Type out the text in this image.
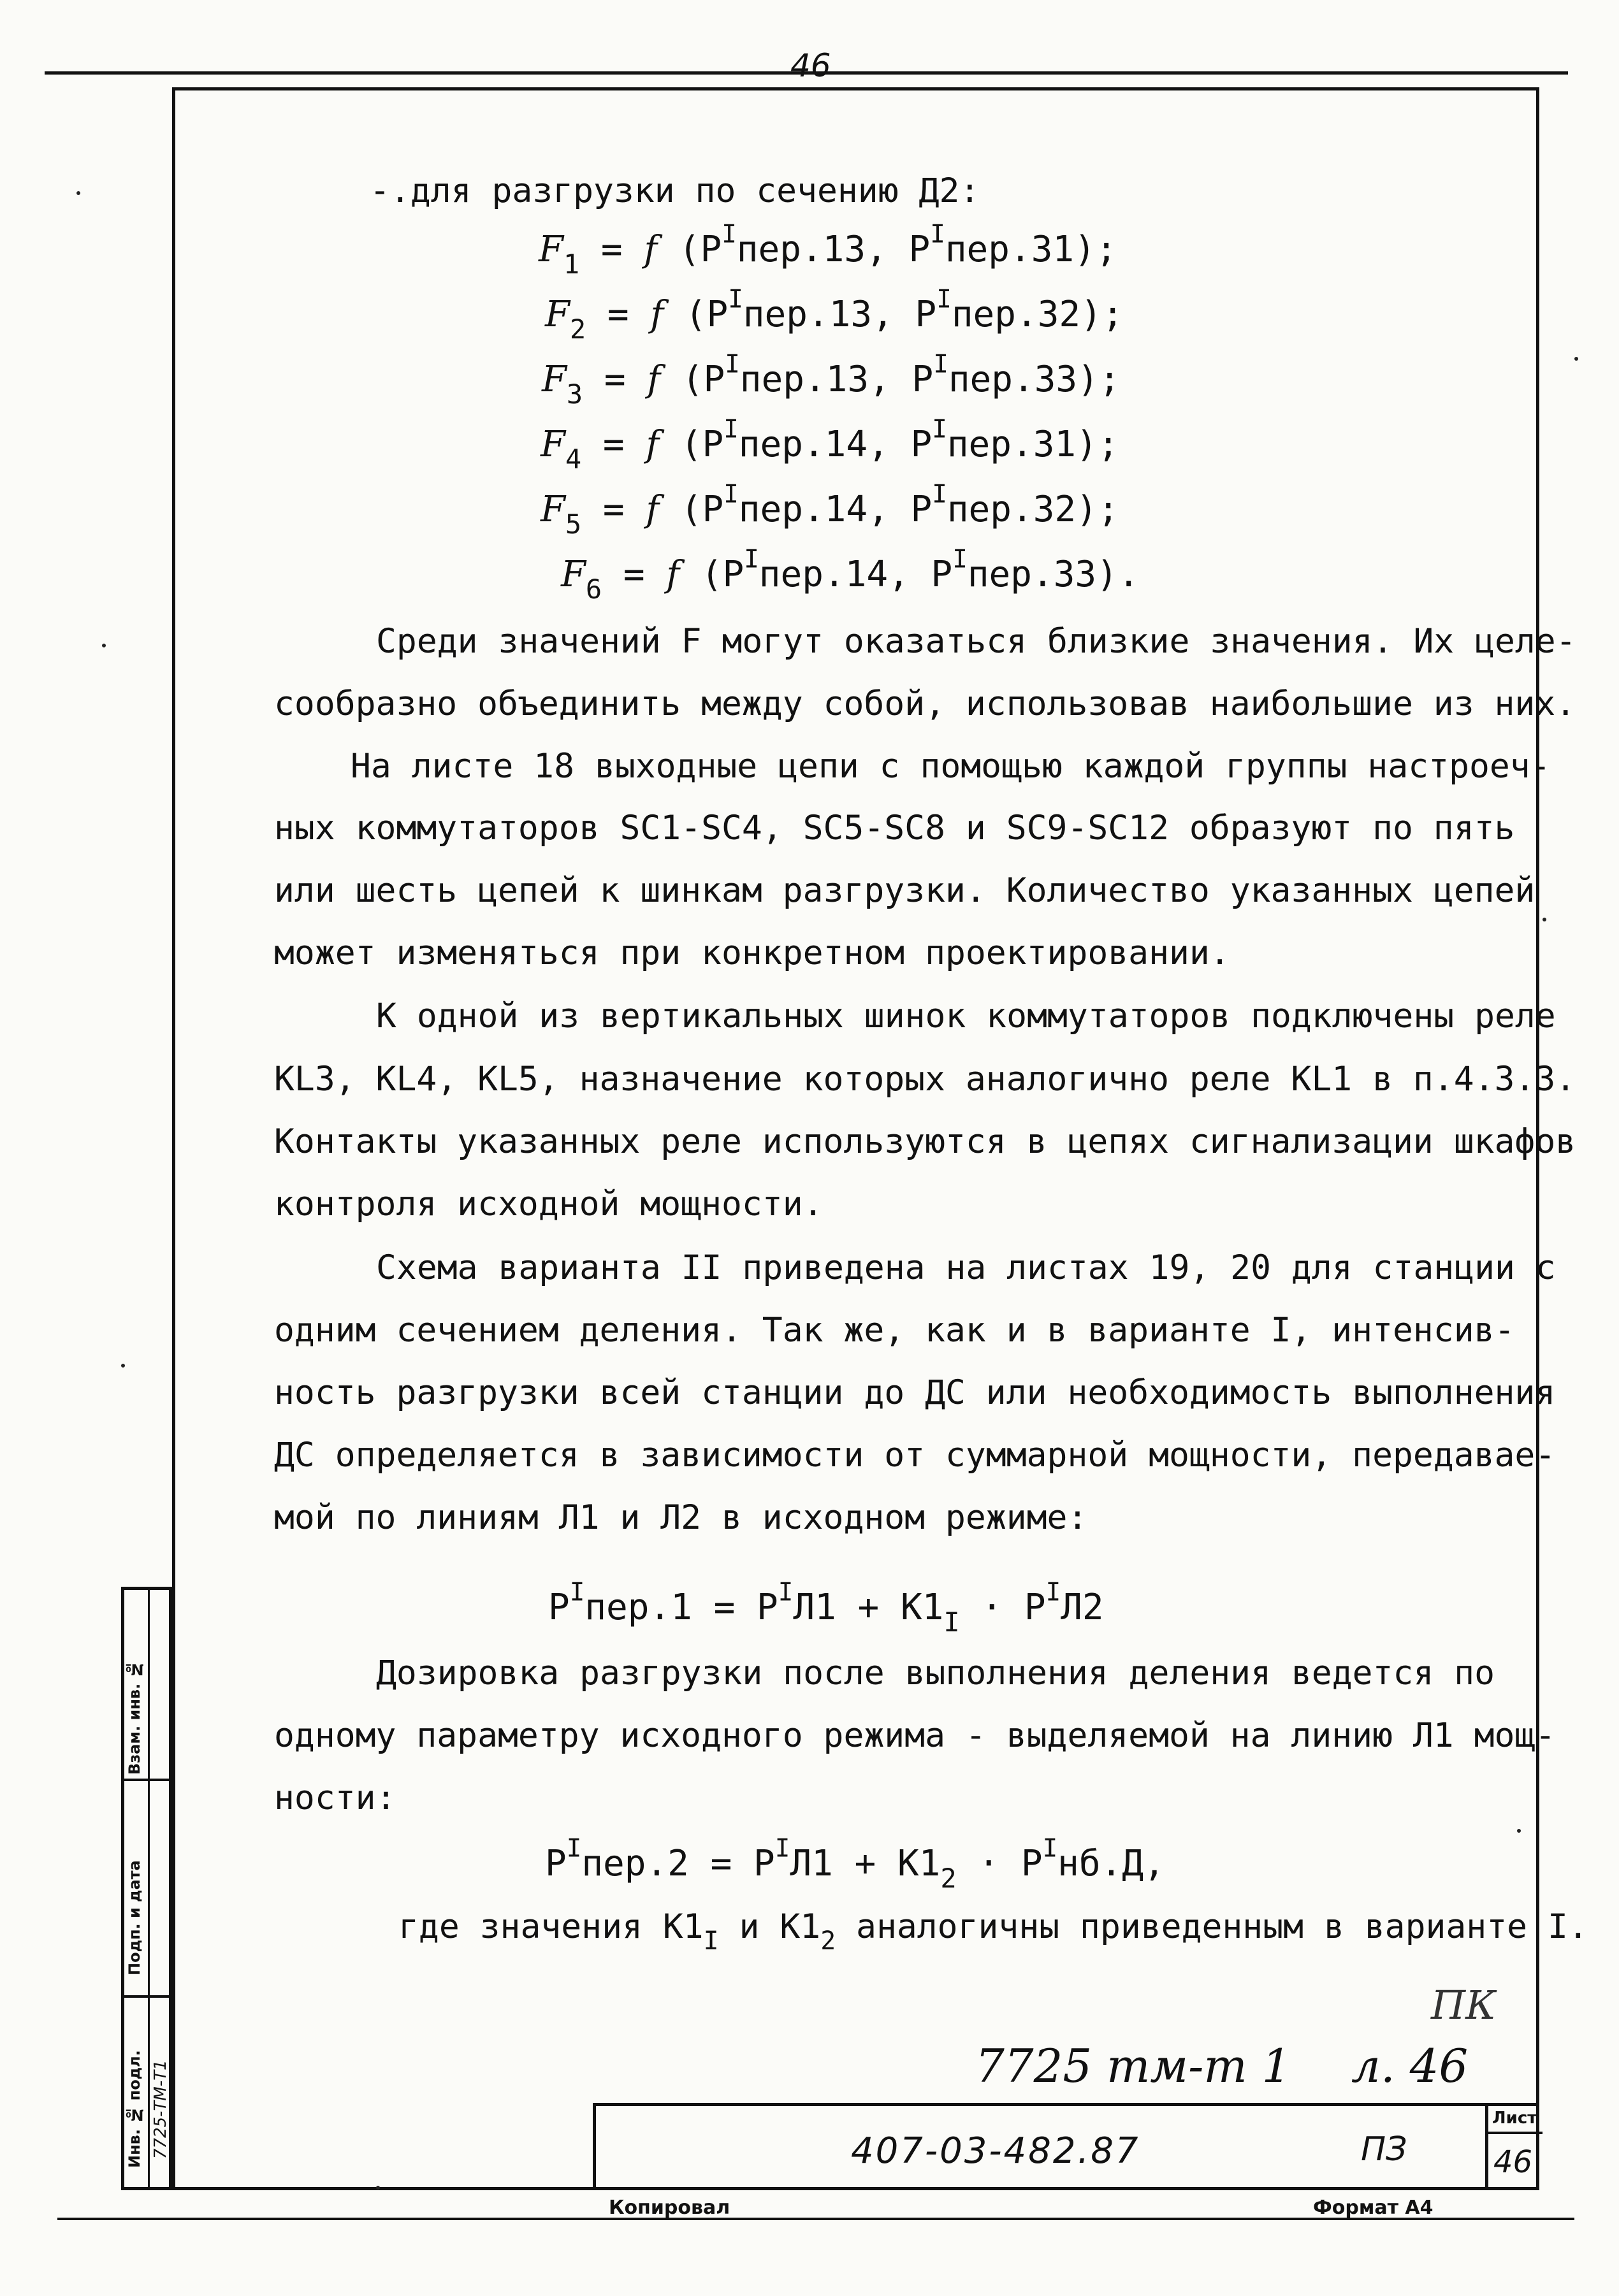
46
-.для разгрузки по сечению Д2:
$F_1 = f$ ($P^Iпер.13$, $P^Iпер.31$);
$F_2 = f$ ($P^Iпер.13$, $P^Iпер.32$);
$F_3 = f$ ($P^Iпер.13$, $P^Iпер.33$);
$F_4 = f$ ($P^Iпер.14$, $P^Iпер.31$);
$F_5 = f$ ($P^Iпер.14$, $P^Iпер.32$);
$F_6 = f$ ($P^Iпер.14$, $P^Iпер.33$).
Среди значений F могут оказаться близкие значения. Их целе-
сообразно объединить между собой, использовав наибольшие из них.
На листе 18 выходные цепи с помощью каждой группы настроеч-
ных коммутаторов SC1-SC4, SC5-SC8 и SC9-SC12 образуют по пять
или шесть цепей к шинкам разгрузки. Количество указанных цепей
может изменяться при конкретном проектировании.
К одной из вертикальных шинок коммутаторов подключены реле
KL3, KL4, KL5, назначение которых аналогично реле KL1 в п.4.3.3.
Контакты указанных реле используются в цепях сигнализации шкафов
контроля исходной мощности.
Схема варианта II приведена на листах 19, 20 для станции с
одним сечением деления. Так же, как и в варианте I, интенсив-
ность разгрузки всей станции до ДС или необходимость выполнения
ДС определяется в зависимости от суммарной мощности, передавае-
мой по линиям Л1 и Л2 в исходном режиме:
$P^Iпер.1 = P^IЛ1 + K1_I \cdot P^IЛ2$
Дозировка разгрузки после выполнения деления ведется по
одному параметру исходного режима - выделяемой на линию Л1 мощ-
ности:
$P^Iпер.2 = P^IЛ1 + K1_2 \cdot P^Iнб.Д$,
где значения $K1_I$ и $K1_2$ аналогичны приведенным в варианте I.
ПК
7725 тм-т 1 л. 46
407-03-482.87	ПЗ
Лист
46
Копировал	Формат А4
Взам. инв. №
Подп. и дата
Инв. № подл. 7725-ТМ-Т1
